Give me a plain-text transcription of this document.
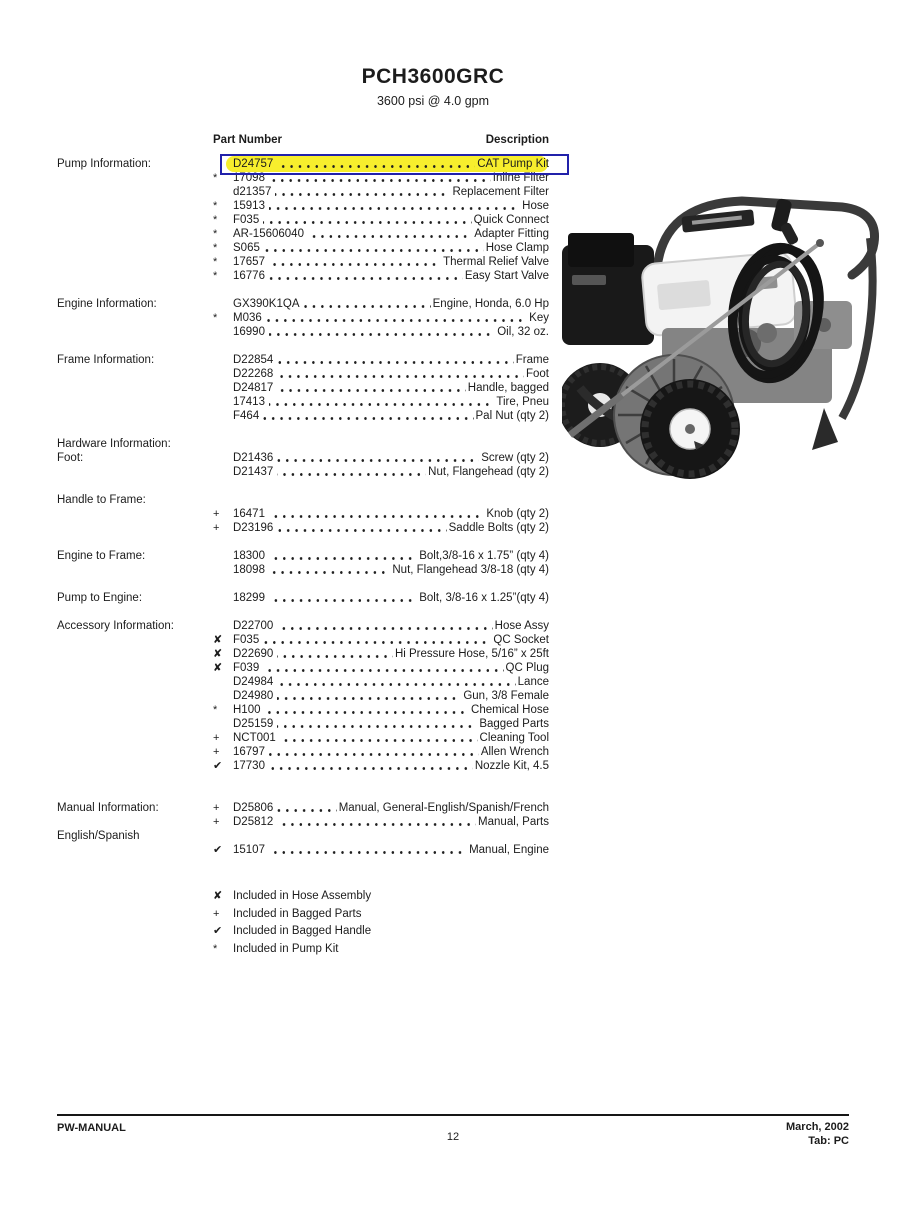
PCH3600GRC
3600 psi @ 4.0 gpm
Part Number	Description
Pump Information:	D24757	CAT Pump Kit
*	17098	Inline Filter
d21357	Replacement Filter
*	15913	Hose
*	F035	Quick Connect
*	AR-15606040	Adapter Fitting
*	S065	Hose Clamp
*	17657	Thermal Relief Valve
*	16776	Easy Start Valve
Engine Information:	GX390K1QA	Engine, Honda, 6.0 Hp
*	M036	Key
16990	Oil, 32 oz.
Frame Information:	D22854	Frame
D22268	Foot
D24817	Handle, bagged
17413	Tire, Pneu
F464	Pal Nut (qty 2)
Hardware Information:
Foot:	D21436	Screw (qty 2)
D21437	Nut, Flangehead (qty 2)
Handle to Frame:
+	16471	Knob (qty 2)
+	D23196	Saddle Bolts (qty 2)
Engine to Frame:	18300	Bolt,3/8-16 x 1.75” (qty 4)
18098	Nut, Flangehead 3/8-18 (qty 4)
Pump to Engine:	18299	Bolt, 3/8-16 x 1.25”(qty 4)
Accessory Information:	D22700	Hose Assy
✘ F035	QC Socket
✘ D22690	Hi Pressure Hose, 5/16” x 25ft
✘ F039	QC Plug
D24984	Lance
D24980	Gun, 3/8 Female
*	H100	Chemical Hose
D25159	Bagged Parts
+	NCT001	Cleaning Tool
+	16797	Allen Wrench
✔ 17730	Nozzle Kit, 4.5
Manual Information:
English/Spanish
+	D25806	Manual, General-English/Spanish/French
+	D25812	Manual, Parts
✔ 15107	Manual, Engine
✘ Included in Hose Assembly
+	Included in Bagged Parts
✔ Included in Bagged Handle
*	Included in Pump Kit
PW-MANUAL
12
March, 2002
Tab: PC
